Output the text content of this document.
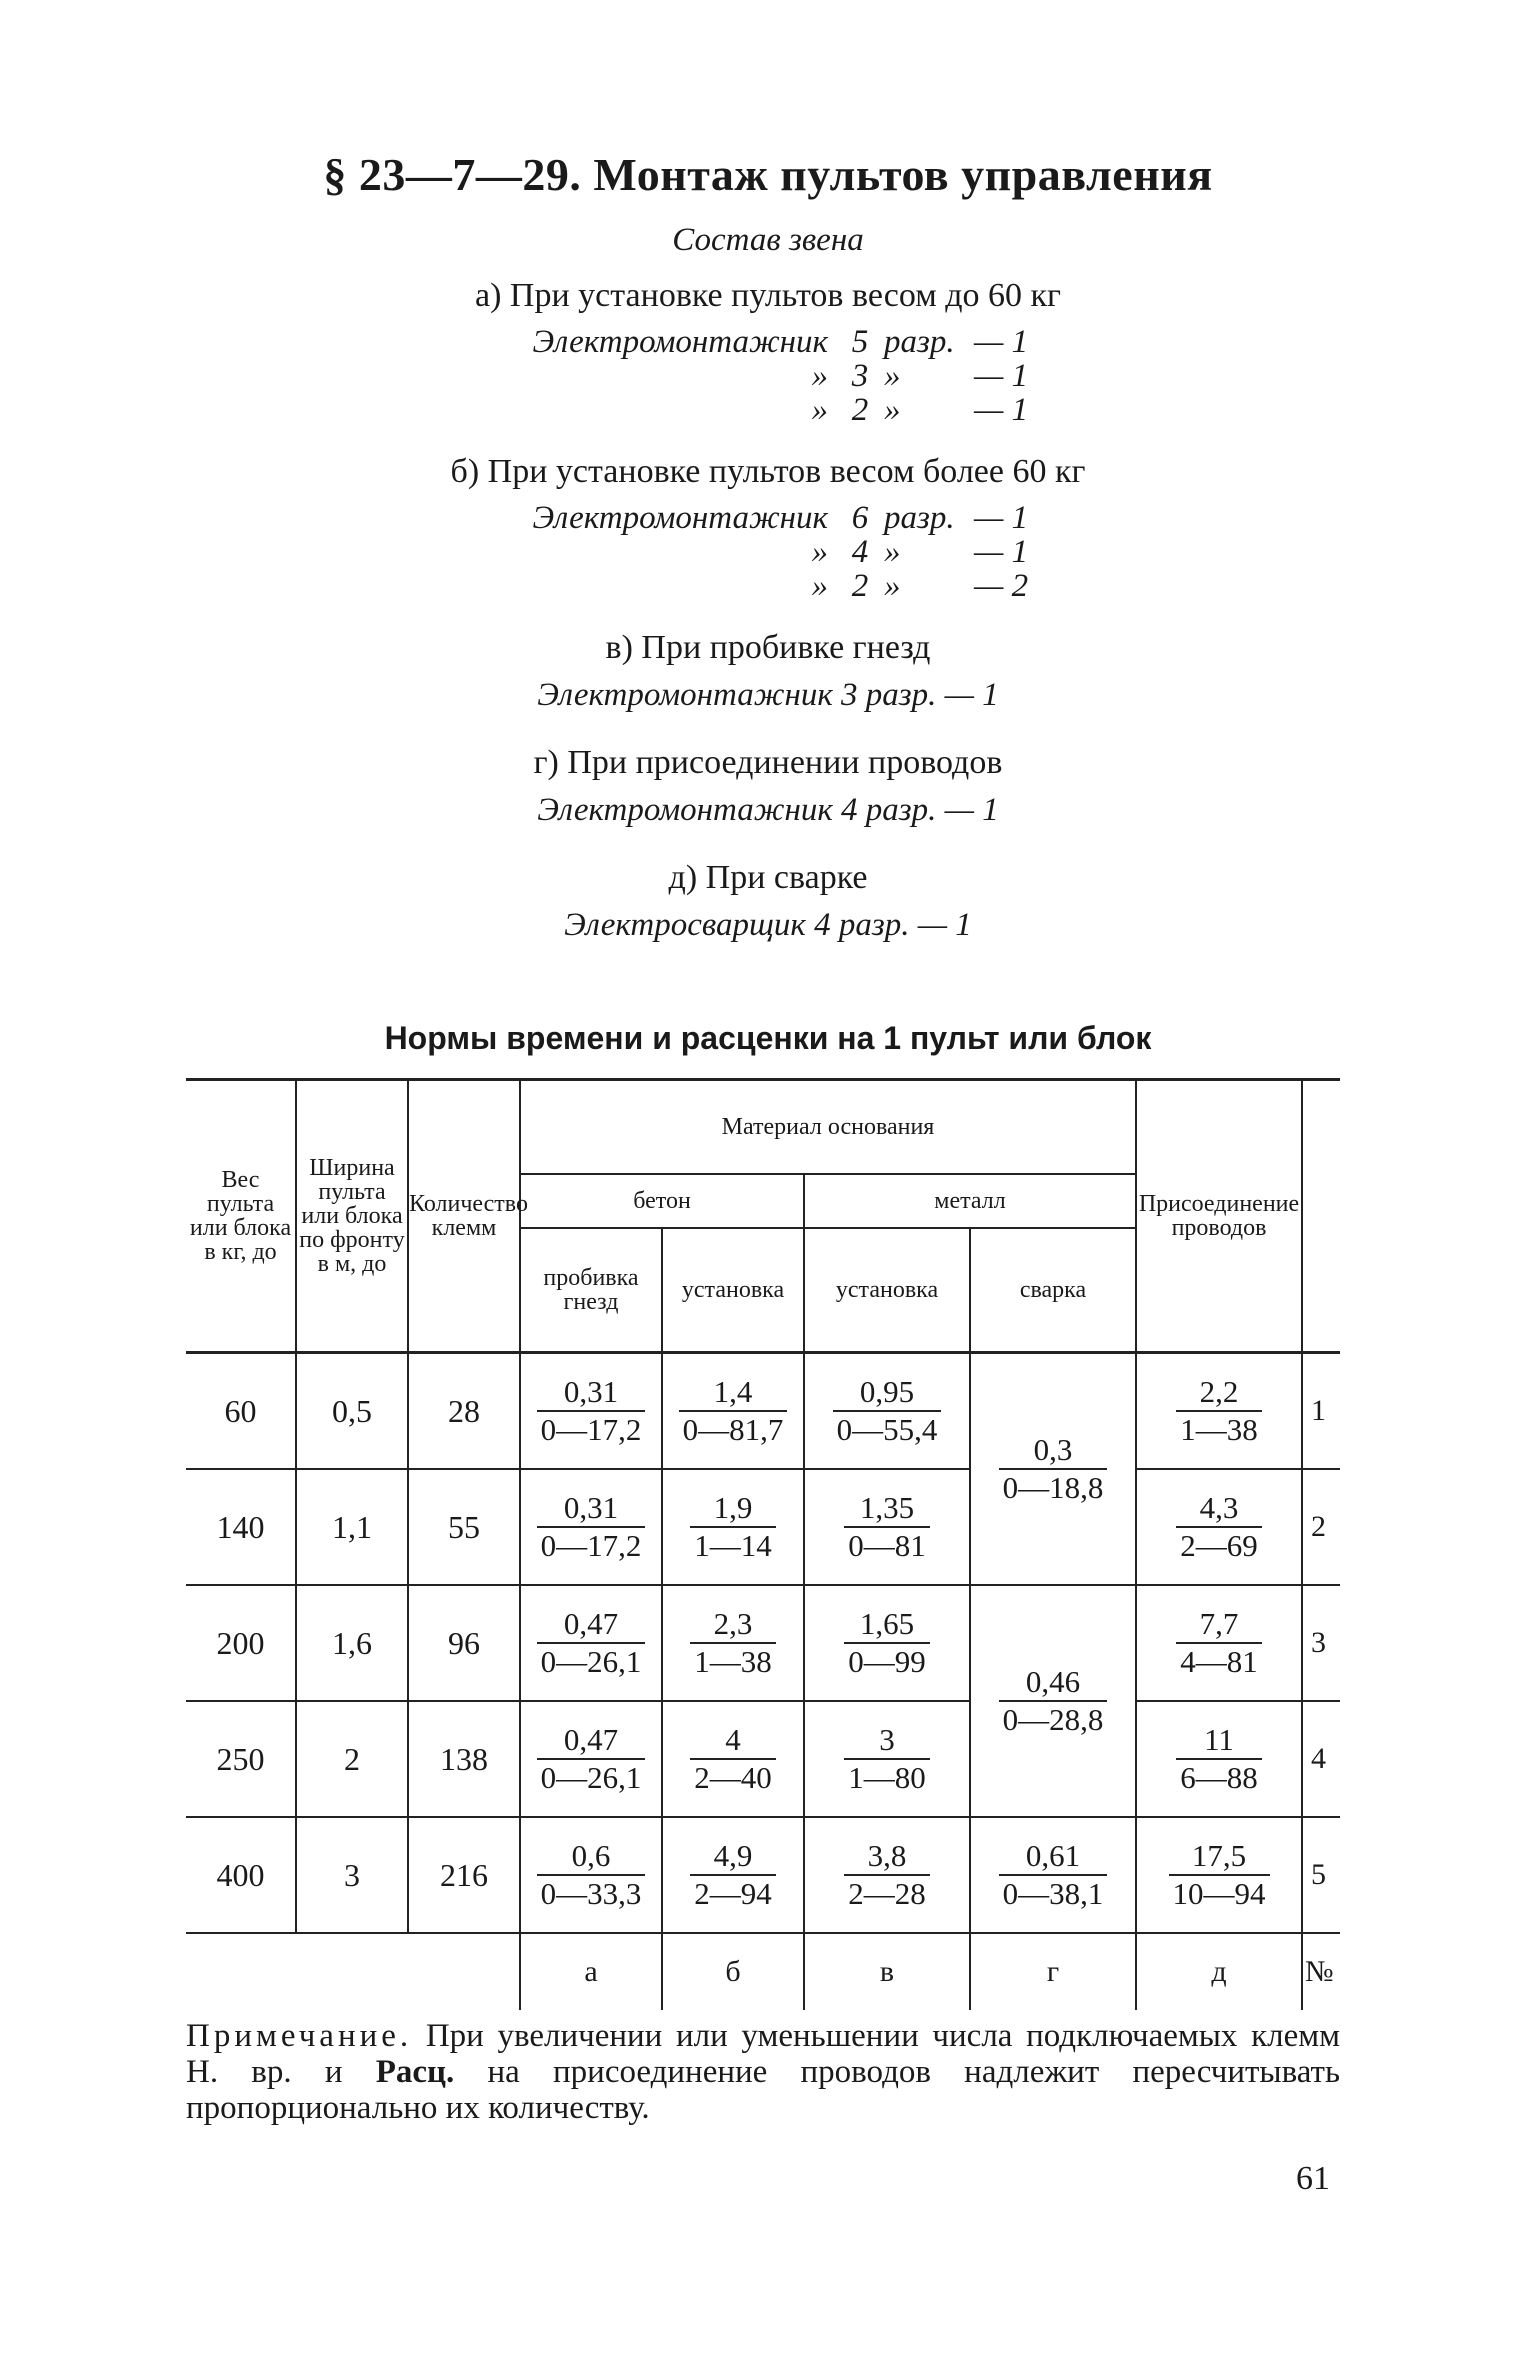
§ 23—7—29. Монтаж пультов управления
Состав звена
а) При установке пультов весом до 60 кг
Электромонтажник 5 разр. — 1
» 3 »	— 1
» 2 »	— 1
б) При установке пультов весом более 60 кг
Электромонтажник 6 разр. — 1
» 4 »	— 1
» 2 »	— 2
в) При пробивке гнезд
Электромонтажник 3 разр. — 1
г) При присоединении проводов
Электромонтажник 4 разр. — 1
д) При сварке
Электросварщик 4 разр. — 1
Нормы времени и расценки на 1 пульт или блок
Вес пульта или блока в кг, до	Ширина пульта или блока по фронту в м, до	Количество клемм	Материал основания				Присоединение проводов	
			бетон		металл			
			пробивка гнезд	установка	установка	сварка		
60	0,5	28	$\frac{0,31}{0—17,2}$	$\frac{1,4}{0—81,7}$	$\frac{0,95}{0—55,4}$	$\frac{0,3}{0—18,8}$	$\frac{2,2}{1—38}$	1
140	1,1	55	$\frac{0,31}{0—17,2}$	$\frac{1,9}{1—14}$	$\frac{1,35}{0—81}$		$\frac{4,3}{2—69}$	2
200	1,6	96	$\frac{0,47}{0—26,1}$	$\frac{2,3}{1—38}$	$\frac{1,65}{0—99}$	$\frac{0,46}{0—28,8}$	$\frac{7,7}{4—81}$	3
250	2	138	$\frac{0,47}{0—26,1}$	$\frac{4}{2—40}$	$\frac{3}{1—80}$		$\frac{11}{6—88}$	4
400	3	216	$\frac{0,6}{0—33,3}$	$\frac{4,9}{2—94}$	$\frac{3,8}{2—28}$	$\frac{0,61}{0—38,1}$	$\frac{17,5}{10—94}$	5
			а	б	в	г	д	№
Примечание. При увеличении или уменьшении числа подключаемых клемм Н. вр. и Расц. на присоединение проводов надлежит пересчитывать пропорционально их количеству.
61
